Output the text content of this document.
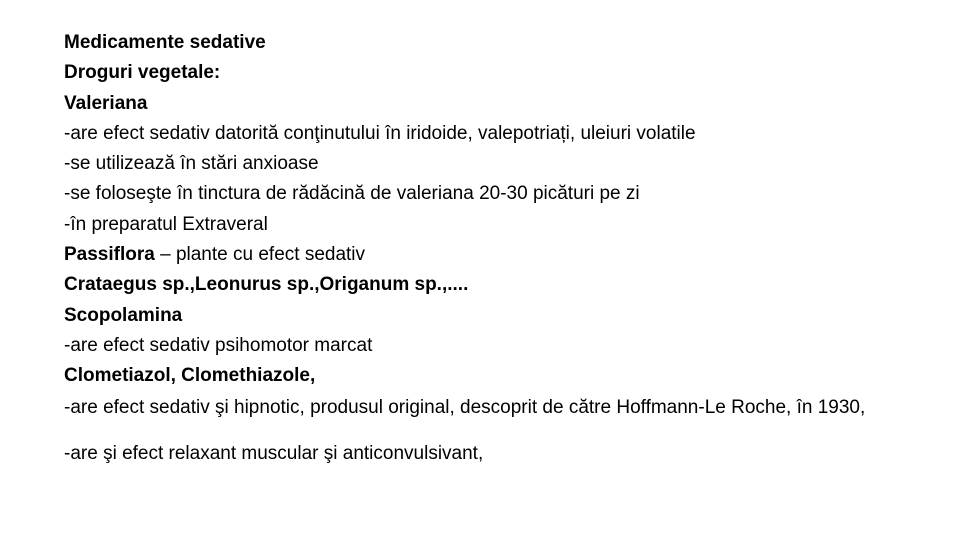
Medicamente sedative
Droguri vegetale:
Valeriana
-are efect sedativ datorită conţinutului în iridoide, valepotriați, uleiuri volatile
-se utilizează în stări anxioase
-se foloseşte în tinctura de rădăcină de valeriana 20-30 picături pe zi
-în preparatul Extraveral
Passiflora – plante cu efect sedativ
Crataegus sp.,Leonurus sp.,Origanum sp.,....
Scopolamina
-are efect sedativ psihomotor marcat
Clometiazol, Clomethiazole,
-are efect sedativ şi hipnotic, produsul original, descoprit de către Hoffmann-Le Roche, în 1930,
-are şi efect relaxant muscular şi anticonvulsivant,
